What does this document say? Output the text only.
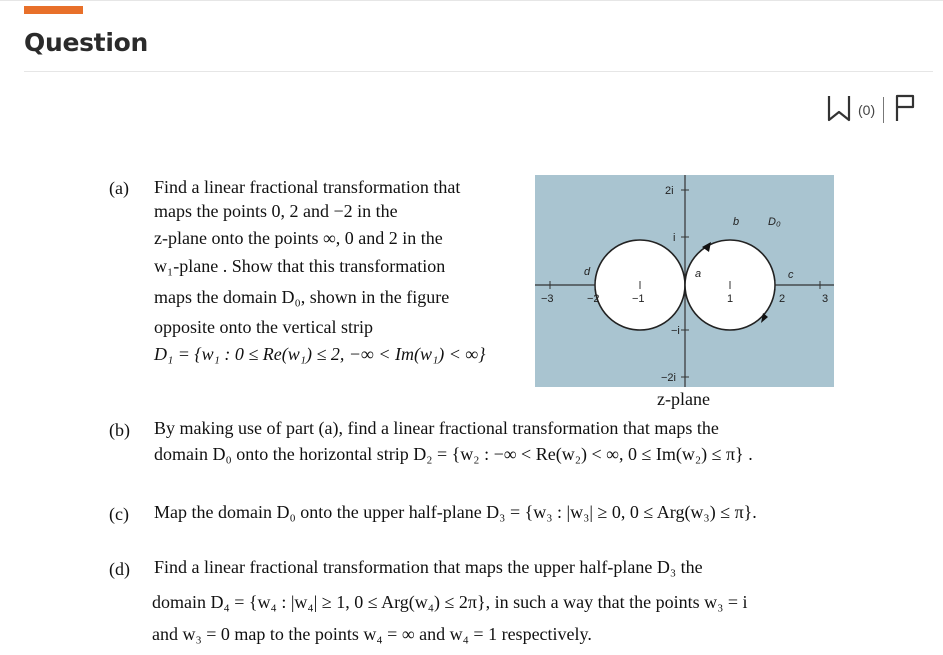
Question
(0)
(a) Find a linear fractional transformation that
maps the points 0, 2 and −2 in the
z-plane onto the points ∞, 0 and 2 in the
w₁-plane . Show that this transformation
maps the domain D₀, shown in the figure
opposite onto the vertical strip
D₁ = {w₁ : 0 ≤ Re(w₁) ≤ 2, −∞ < Im(w₁) < ∞}
−3	−2	−1	1	2	3
2i
i
−i
−2i
d	a	c
b	D₀
z-plane
(b) By making use of part (a), find a linear fractional transformation that maps the
domain D₀ onto the horizontal strip D₂ = {w₂ : −∞ < Re(w₂) < ∞, 0 ≤ Im(w₂) ≤ π} .
(c) Map the domain D₀ onto the upper half-plane D₃ = {w₃ : |w₃| ≥ 0, 0 ≤ Arg(w₃) ≤ π}.
(d) Find a linear fractional transformation that maps the upper half-plane D₃ the
domain D₄ = {w₄ : |w₄| ≥ 1, 0 ≤ Arg(w₄) ≤ 2π}, in such a way that the points w₃ = i
and w₃ = 0 map to the points w₄ = ∞ and w₄ = 1 respectively.
